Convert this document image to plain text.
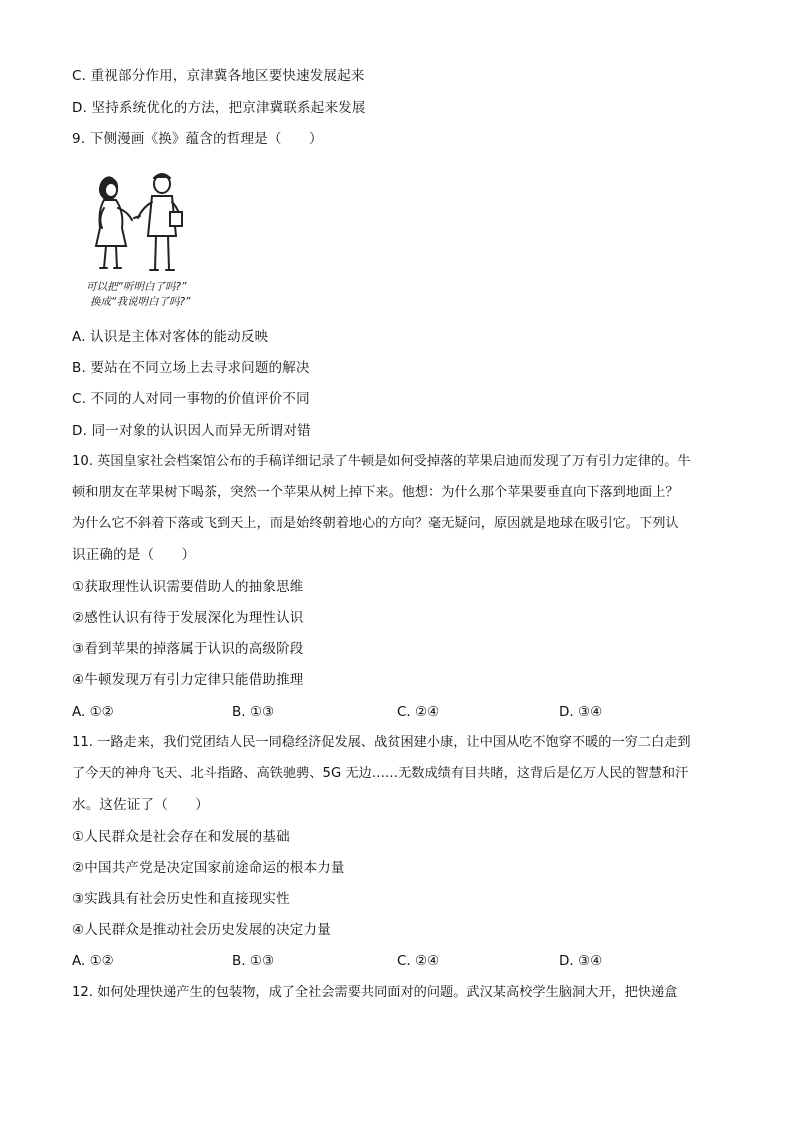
C. 重视部分作用，京津冀各地区要快速发展起来
D. 坚持系统优化的方法，把京津冀联系起来发展
9. 下侧漫画《换》蕴含的哲理是（　　）
可以把“听明白了吗?”
换成“我说明白了吗?”
A. 认识是主体对客体的能动反映
B. 要站在不同立场上去寻求问题的解决
C. 不同的人对同一事物的价值评价不同
D. 同一对象的认识因人而异无所谓对错
10. 英国皇家社会档案馆公布的手稿详细记录了牛顿是如何受掉落的苹果启迪而发现了万有引力定律的。牛
顿和朋友在苹果树下喝茶，突然一个苹果从树上掉下来。他想：为什么那个苹果要垂直向下落到地面上？
为什么它不斜着下落或飞到天上，而是始终朝着地心的方向？毫无疑问，原因就是地球在吸引它。下列认
识正确的是（　　）
①获取理性认识需要借助人的抽象思维
②感性认识有待于发展深化为理性认识
③看到苹果的掉落属于认识的高级阶段
④牛顿发现万有引力定律只能借助推理
A. ①②	B. ①③	C. ②④	D. ③④
11. 一路走来，我们党团结人民一同稳经济促发展、战贫困建小康，让中国从吃不饱穿不暖的一穷二白走到
了今天的神舟飞天、北斗指路、高铁驰骋、5G 无边……无数成绩有目共睹，这背后是亿万人民的智慧和汗
水。这佐证了（　　）
①人民群众是社会存在和发展的基础
②中国共产党是决定国家前途命运的根本力量
③实践具有社会历史性和直接现实性
④人民群众是推动社会历史发展的决定力量
A. ①②	B. ①③	C. ②④	D. ③④
12. 如何处理快递产生的包装物，成了全社会需要共同面对的问题。武汉某高校学生脑洞大开，把快递盒
